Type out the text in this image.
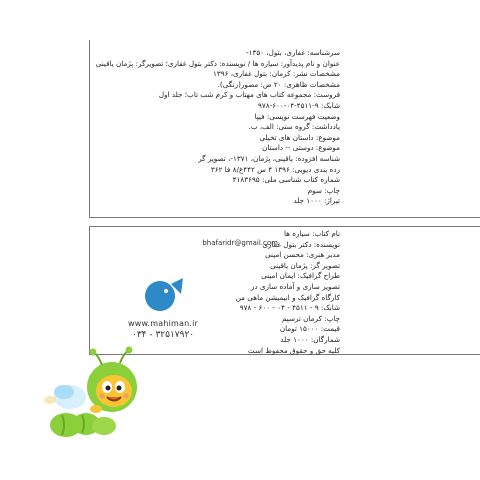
سرشناسه: غفاری، بتول، ۱۳۵۰-
عنوان و نام پدیدآور: سیاره ها / نویسنده: دکتر بتول غفاری؛ تصویرگر: پژمان یاقینی
مشخصات نشر: کرمان: بتول غفاری، ۱۳۹۶
مشخصات ظاهری: ۲۰ ص: مصور(رنگی).
فروست: مجموعه کتاب های مهتاب و کرم شب تاب؛ جلد اول
شابک: ۹-۴۵۱۱-۰۴-۶۰۰-۹۷۸
وضعیت فهرست نویسی: فیپا
یادداشت: گروه سنی: الف، ب.
موضوع: داستان های تخیلی
موضوع: دوستی -- داستان
شناسه افزوده: یاقینی، پژمان، ۱۳۷۱-، تصویر گر
رده بندی دیویی: ۱۳۹۶ ۴ س ۴۴۲غ/۸ فا ۳۶۲
شماره کتاب شناسی ملی: ۴۱۸۳۶۹۵
چاپ: سوم
تیراژ: ۱۰۰۰ جلد
نام کتاب: سیاره ها
نویسنده: دکتر بتول غفاری
مدیر هنری: محسن امینی
تصویر گر: پژمان یاقینی
طراح گرافیک: ایمان امینی
تصویر سازی و آماده سازی در
کارگاه گرافیک و انیمیشن ماهی من
شابک: ۹ - ۴۵۱۱ - ۰۴ - ۶۰۰ - ۹۷۸
چاپ: کرمان ترسیم
قیمت: ۱۵۰۰۰ تومان
شمارگان: ۱۰۰۰ جلد
کلیه حق و حقوق محفوظ است
bhafaridr@gmail.com
www.mahiman.ir
۰۳۴ - ۳۲۵۱۷۹۲۰
